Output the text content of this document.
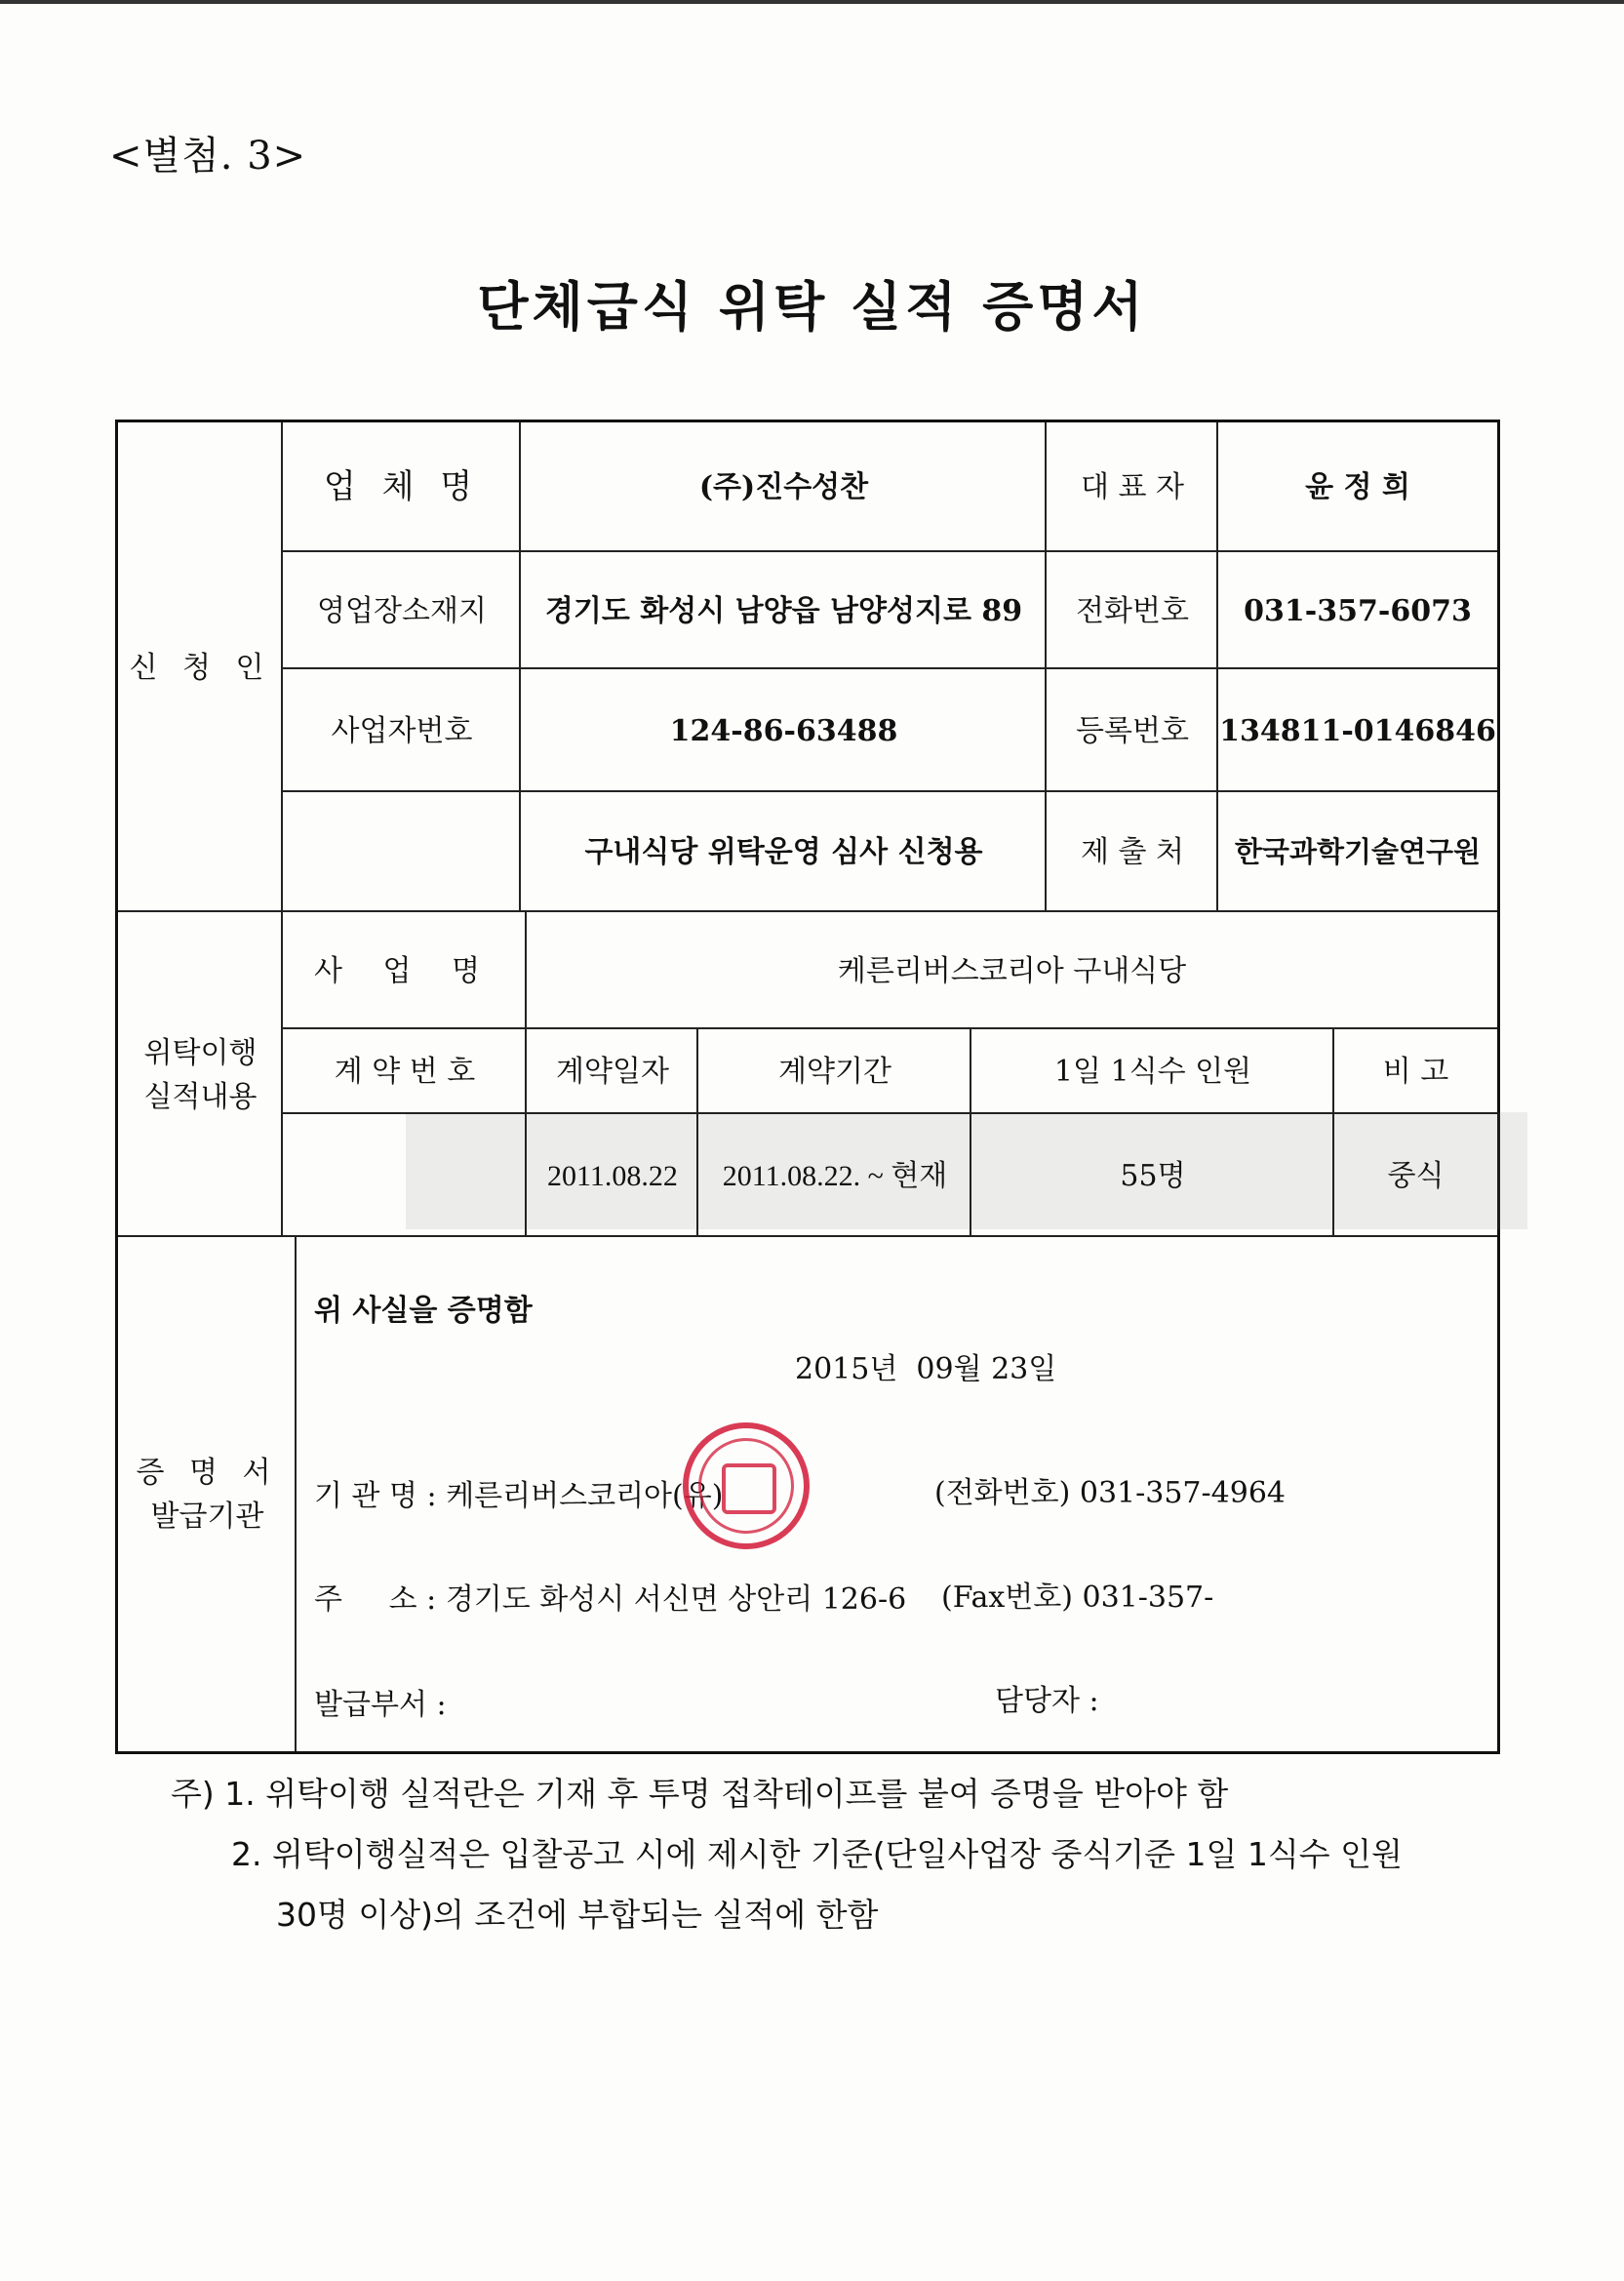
<별첨. 3>
단체급식 위탁 실적 증명서
신 청 인
업 체 명	(주)진수성찬	대 표 자	윤 정 희
영업장소재지 경기도 화성시 남양읍 남양성지로 89 전화번호 031-357-6073
사업자번호	124-86-63488	등록번호 134811-0146846
구내식당 위탁운영 심사 신청용	제 출 처 한국과학기술연구원
위탁이행
실적내용
사 업 명	케른리버스코리아 구내식당
계 약 번 호	계약일자	계약기간	1일 1식수 인원	비 고
2011.08.22 2011.08.22. ~ 현재	55명	중식
증 명 서
발급기관
위 사실을 증명함
2015년  09월 23일
기 관 명 : 케른리버스코리아(유)	(전화번호) 031-357-4964
주     소 : 경기도 화성시 서신면 상안리 126-6 (Fax번호) 031-357-
발급부서 :	담당자 :
주) 1. 위탁이행 실적란은 기재 후 투명 접착테이프를 붙여 증명을 받아야 함
2. 위탁이행실적은 입찰공고 시에 제시한 기준(단일사업장 중식기준 1일 1식수 인원
30명 이상)의 조건에 부합되는 실적에 한함
